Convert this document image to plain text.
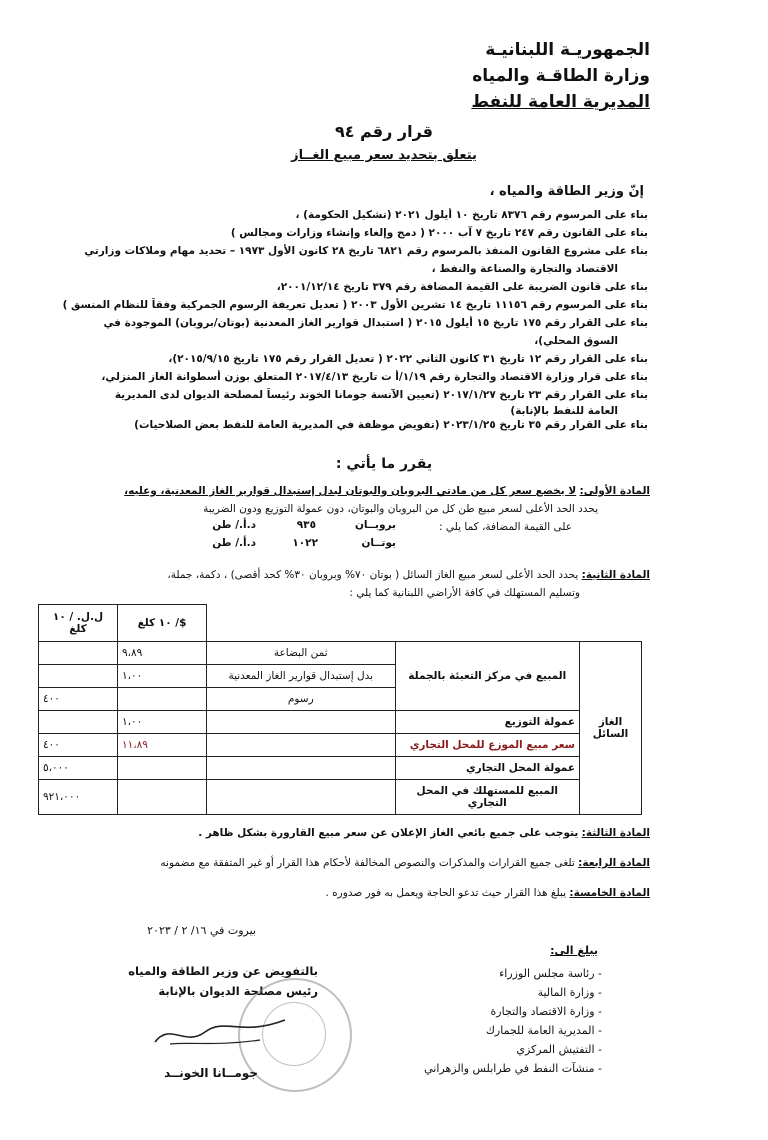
الجمهوريـة اللبنانيـة
وزارة الطاقـة والمياه
المديرية العامة للنفط
قرار رقم ٩٤
يتعلق بتحديد سعر مبيع الغــاز
إنّ وزير الطاقة والمياه ،
بناء على المرسوم رقم ٨٣٧٦ تاريخ ١٠ أيلول ٢٠٢١ (تشكيل الحكومة) ،
بناء على القانون رقم ٢٤٧ تاريخ ٧ آب ٢٠٠٠ ( دمج وإلغاء وإنشاء وزارات ومجالس )
بناء على مشروع القانون المنفذ بالمرسوم رقم ٦٨٢١ تاريخ ٢٨ كانون الأول ١٩٧٣ – تحديد مهام وملاكات وزارتي
الاقتصاد والتجارة والصناعة والنفط ،
بناء على قانون الضريبة على القيمة المضافة رقم ٣٧٩ تاريخ ٢٠٠١/١٢/١٤،
بناء على المرسوم رقم ١١١٥٦ تاريخ ١٤ تشرين الأول ٢٠٠٣ ( تعديل تعريفة الرسوم الجمركية وفقاً للنظام المنسق )
بناء على القرار رقم ١٧٥ تاريخ ١٥ أيلول ٢٠١٥ ( استبدال قوارير الغاز المعدنية (بوتان/بروبان) الموجودة في
السوق المحلي)،
بناء على القرار رقم ١٢ تاريخ ٣١ كانون الثاني ٢٠٢٢ ( تعديل القرار رقم ١٧٥ تاريخ ٢٠١٥/٩/١٥)،
بناء على قرار وزارة الاقتصاد والتجارة رقم ١/١٩/أ ت تاريخ ٢٠١٧/٤/١٣ المتعلق بوزن أسطوانة الغاز المنزلي،
بناء على القرار رقم ٢٣ تاريخ ٢٠١٧/١/٢٧ (تعيين الآنسة جومانا الخوند رئيساً لمصلحة الديوان لدى المديرية
العامة للنفط بالإنابة)
بناء على القرار رقم ٣٥ تاريخ ٢٠٢٣/١/٢٥ (تفويض موظفة في المديرية العامة للنفط بعض الصلاحيات)
يقرر ما يأتي :
المادة الأولى: لا يخضع سعر كل من مادتي البروبان والبوتان لبدل إستبدال قوارير الغاز المعدنية، وعليه،
يحدد الحد الأعلى لسعر مبيع طن كل من البروبان والبوتان، دون عمولة التوزيع ودون الضريبة
على القيمة المضافة، كما يلي :
بروبــان
٩٣٥
د.أ./ طن
بوتــان
١٠٢٢
د.أ./ طن
المادة الثانية: يحدد الحد الأعلى لسعر مبيع الغاز السائل ( بوتان ٧٠% وبروبان ٣٠% كحد أقصى) ، دكمة، جملة،
وتسليم المستهلك في كافة الأراضي اللبنانية كما يلي :
			$/ ١٠ كلغ	ل.ل. / ١٠ كلغ
الغاز السائل	المبيع في مركز التعبئة بالجملة	ثمن البضاعة	٩،٨٩	
		بدل إستبدال قوارير الغاز المعدنية	١،٠٠	
		رسوم		٤٠٠
	عمولة التوزيع		١،٠٠	
	سعر مبيع الموزع للمحل التجاري		١١،٨٩	٤٠٠
	عمولة المحل التجاري			٥،٠٠٠
	المبيع للمستهلك في المحل التجاري			٩٢١،٠٠٠
المادة الثالثة: يتوجب على جميع بائعي الغاز الإعلان عن سعر مبيع القارورة بشكل ظاهر .
المادة الرابعة: تلغى جميع القرارات والمذكرات والنصوص المخالفة لأحكام هذا القرار أو غير المتفقة مع مضمونه
المادة الخامسة: يبلغ هذا القرار حيث تدعو الحاجة ويعمل به فور صدوره .
بيروت في ١٦/ ٢ / ٢٠٢٣
يبلغ الى:
- رئاسة مجلس الوزراء
- وزارة المالية
- وزارة الاقتصاد والتجارة
- المديرية العامة للجمارك
- التفتيش المركزي
- منشآت النفط في طرابلس والزهراني
بالتفويض عن وزير الطاقة والمياه
رئيس مصلحة الديوان بالإنابة
جومــانا الخونــد
